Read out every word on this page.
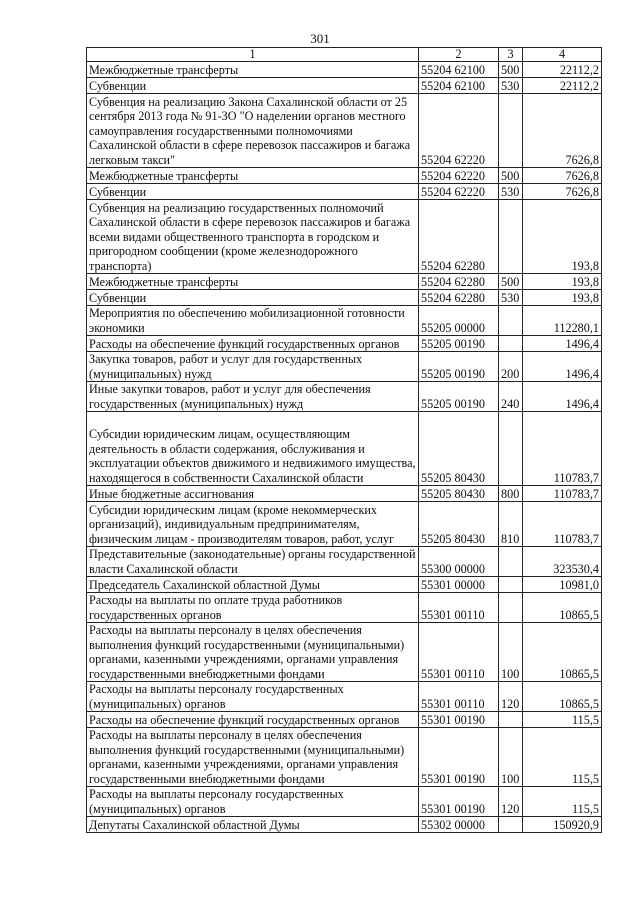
301
1	2	3	4
Межбюджетные трансферты	55204 62100	500	22112,2
Субвенции	55204 62100	530	22112,2
Субвенция на реализацию Закона Сахалинской области от 25 сентября 2013 года № 91-ЗО "О наделении органов местного самоуправления государственными полномочиями Сахалинской области в сфере перевозок пассажиров и багажа легковым такси"	55204 62220		7626,8
Межбюджетные трансферты	55204 62220	500	7626,8
Субвенции	55204 62220	530	7626,8
Субвенция на реализацию государственных полномочий Сахалинской области в сфере перевозок пассажиров и багажа всеми видами общественного транспорта в городском и пригородном сообщении (кроме железнодорожного транспорта)	55204 62280		193,8
Межбюджетные трансферты	55204 62280	500	193,8
Субвенции	55204 62280	530	193,8
Мероприятия по обеспечению мобилизационной готовности экономики	55205 00000		112280,1
Расходы на обеспечение функций государственных органов	55205 00190		1496,4
Закупка товаров, работ и услуг для государственных (муниципальных) нужд	55205 00190	200	1496,4
Иные закупки товаров, работ и услуг для обеспечения государственных (муниципальных) нужд	55205 00190	240	1496,4
Субсидии юридическим лицам, осуществляющим деятельность в области содержания, обслуживания и эксплуатации объектов движимого и недвижимого имущества, находящегося в собственности Сахалинской области	55205 80430		110783,7
Иные бюджетные ассигнования	55205 80430	800	110783,7
Субсидии юридическим лицам (кроме некоммерческих организаций), индивидуальным предпринимателям, физическим лицам - производителям товаров, работ, услуг	55205 80430	810	110783,7
Представительные (законодательные) органы государственной власти Сахалинской области	55300 00000		323530,4
Председатель Сахалинской областной Думы	55301 00000		10981,0
Расходы на выплаты по оплате труда работников государственных органов	55301 00110		10865,5
Расходы на выплаты персоналу в целях обеспечения выполнения функций государственными (муниципальными) органами, казенными учреждениями, органами управления государственными внебюджетными фондами	55301 00110	100	10865,5
Расходы на выплаты персоналу государственных (муниципальных) органов	55301 00110	120	10865,5
Расходы на обеспечение функций государственных органов	55301 00190		115,5
Расходы на выплаты персоналу в целях обеспечения выполнения функций государственными (муниципальными) органами, казенными учреждениями, органами управления государственными внебюджетными фондами	55301 00190	100	115,5
Расходы на выплаты персоналу государственных (муниципальных) органов	55301 00190	120	115,5
Депутаты Сахалинской областной Думы	55302 00000		150920,9
